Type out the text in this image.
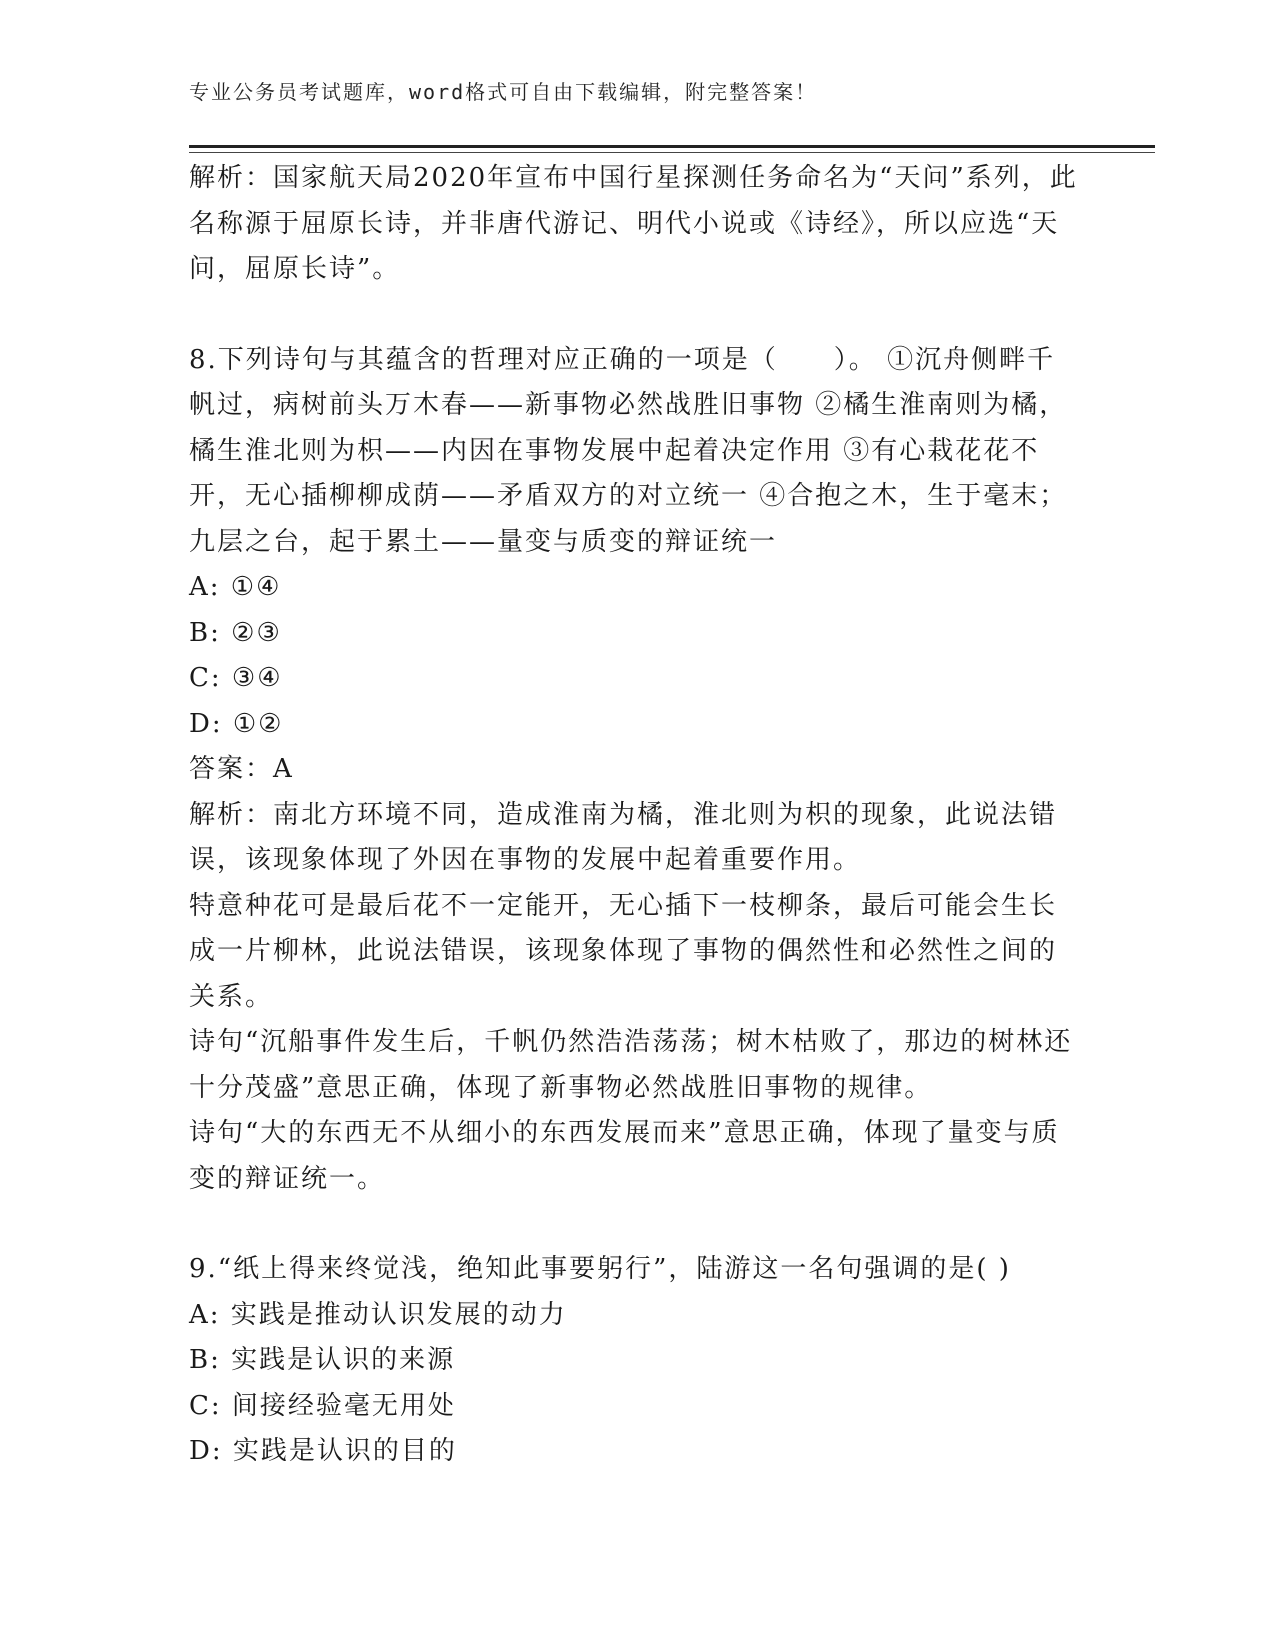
专业公务员考试题库，word格式可自由下载编辑，附完整答案！

解析：国家航天局2020年宣布中国行星探测任务命名为“天问”系列，此名称源于屈原长诗，并非唐代游记、明代小说或《诗经》，所以应选“天问，屈原长诗”。

8.下列诗句与其蕴含的哲理对应正确的一项是（　　）。 ①沉舟侧畔千帆过，病树前头万木春——新事物必然战胜旧事物 ②橘生淮南则为橘，橘生淮北则为枳——内因在事物发展中起着决定作用 ③有心栽花花不开，无心插柳柳成荫——矛盾双方的对立统一 ④合抱之木，生于毫末；九层之台，起于累土——量变与质变的辩证统一

A: ①④

B: ②③

C: ③④

D: ①②

答案：A

解析：南北方环境不同，造成淮南为橘，淮北则为枳的现象，此说法错误，该现象体现了外因在事物的发展中起着重要作用。

特意种花可是最后花不一定能开，无心插下一枝柳条，最后可能会生长成一片柳林，此说法错误，该现象体现了事物的偶然性和必然性之间的关系。

诗句“沉船事件发生后，千帆仍然浩浩荡荡；树木枯败了，那边的树林还十分茂盛”意思正确，体现了新事物必然战胜旧事物的规律。

诗句“大的东西无不从细小的东西发展而来”意思正确，体现了量变与质变的辩证统一。

9.“纸上得来终觉浅，绝知此事要躬行”，陆游这一名句强调的是( )

A: 实践是推动认识发展的动力

B: 实践是认识的来源

C: 间接经验毫无用处

D: 实践是认识的目的
